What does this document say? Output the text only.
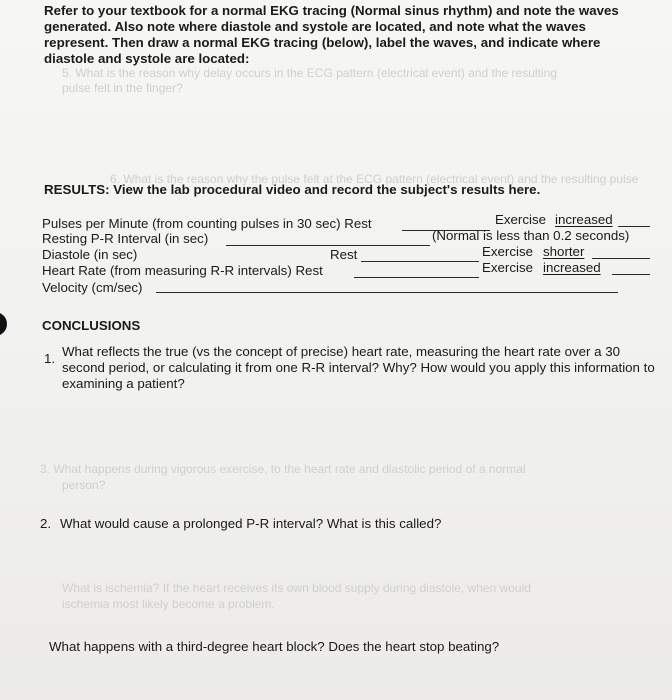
Refer to your textbook for a normal EKG tracing (Normal sinus rhythm) and note the waves generated. Also note where diastole and systole are located, and note what the waves represent. Then draw a normal EKG tracing (below), label the waves, and indicate where diastole and systole are located:

5. What is the reason why delay occurs in the ECG pattern (electrical event) and the resulting

pulse felt in the finger?

6. What is the reason why the pulse felt at the ECG pattern (electrical event) and the resulting pulse

RESULTS: View the lab procedural video and record the subject's results here.
Pulses per Minute (from counting pulses in 30 sec) Rest	Exercise increased
Resting P-R Interval (in sec)	(Normal is less than 0.2 seconds)
Diastole (in sec)	Rest	Exercise shorter
Heart Rate (from measuring R-R intervals) Rest	Exercise increased
Velocity (cm/sec)
CONCLUSIONS
1. What reflects the true (vs the concept of precise) heart rate, measuring the heart rate over a 30 second period, or calculating it from one R-R interval? Why? How would you apply this information to examining a patient?

3. What happens during vigorous exercise, to the heart rate and diastolic period of a normal

person?

2. What would cause a prolonged P-R interval? What is this called?

What is ischemia? If the heart receives its own blood supply during diastole, when would

ischemia most likely become a problem.

What happens with a third-degree heart block? Does the heart stop beating?
